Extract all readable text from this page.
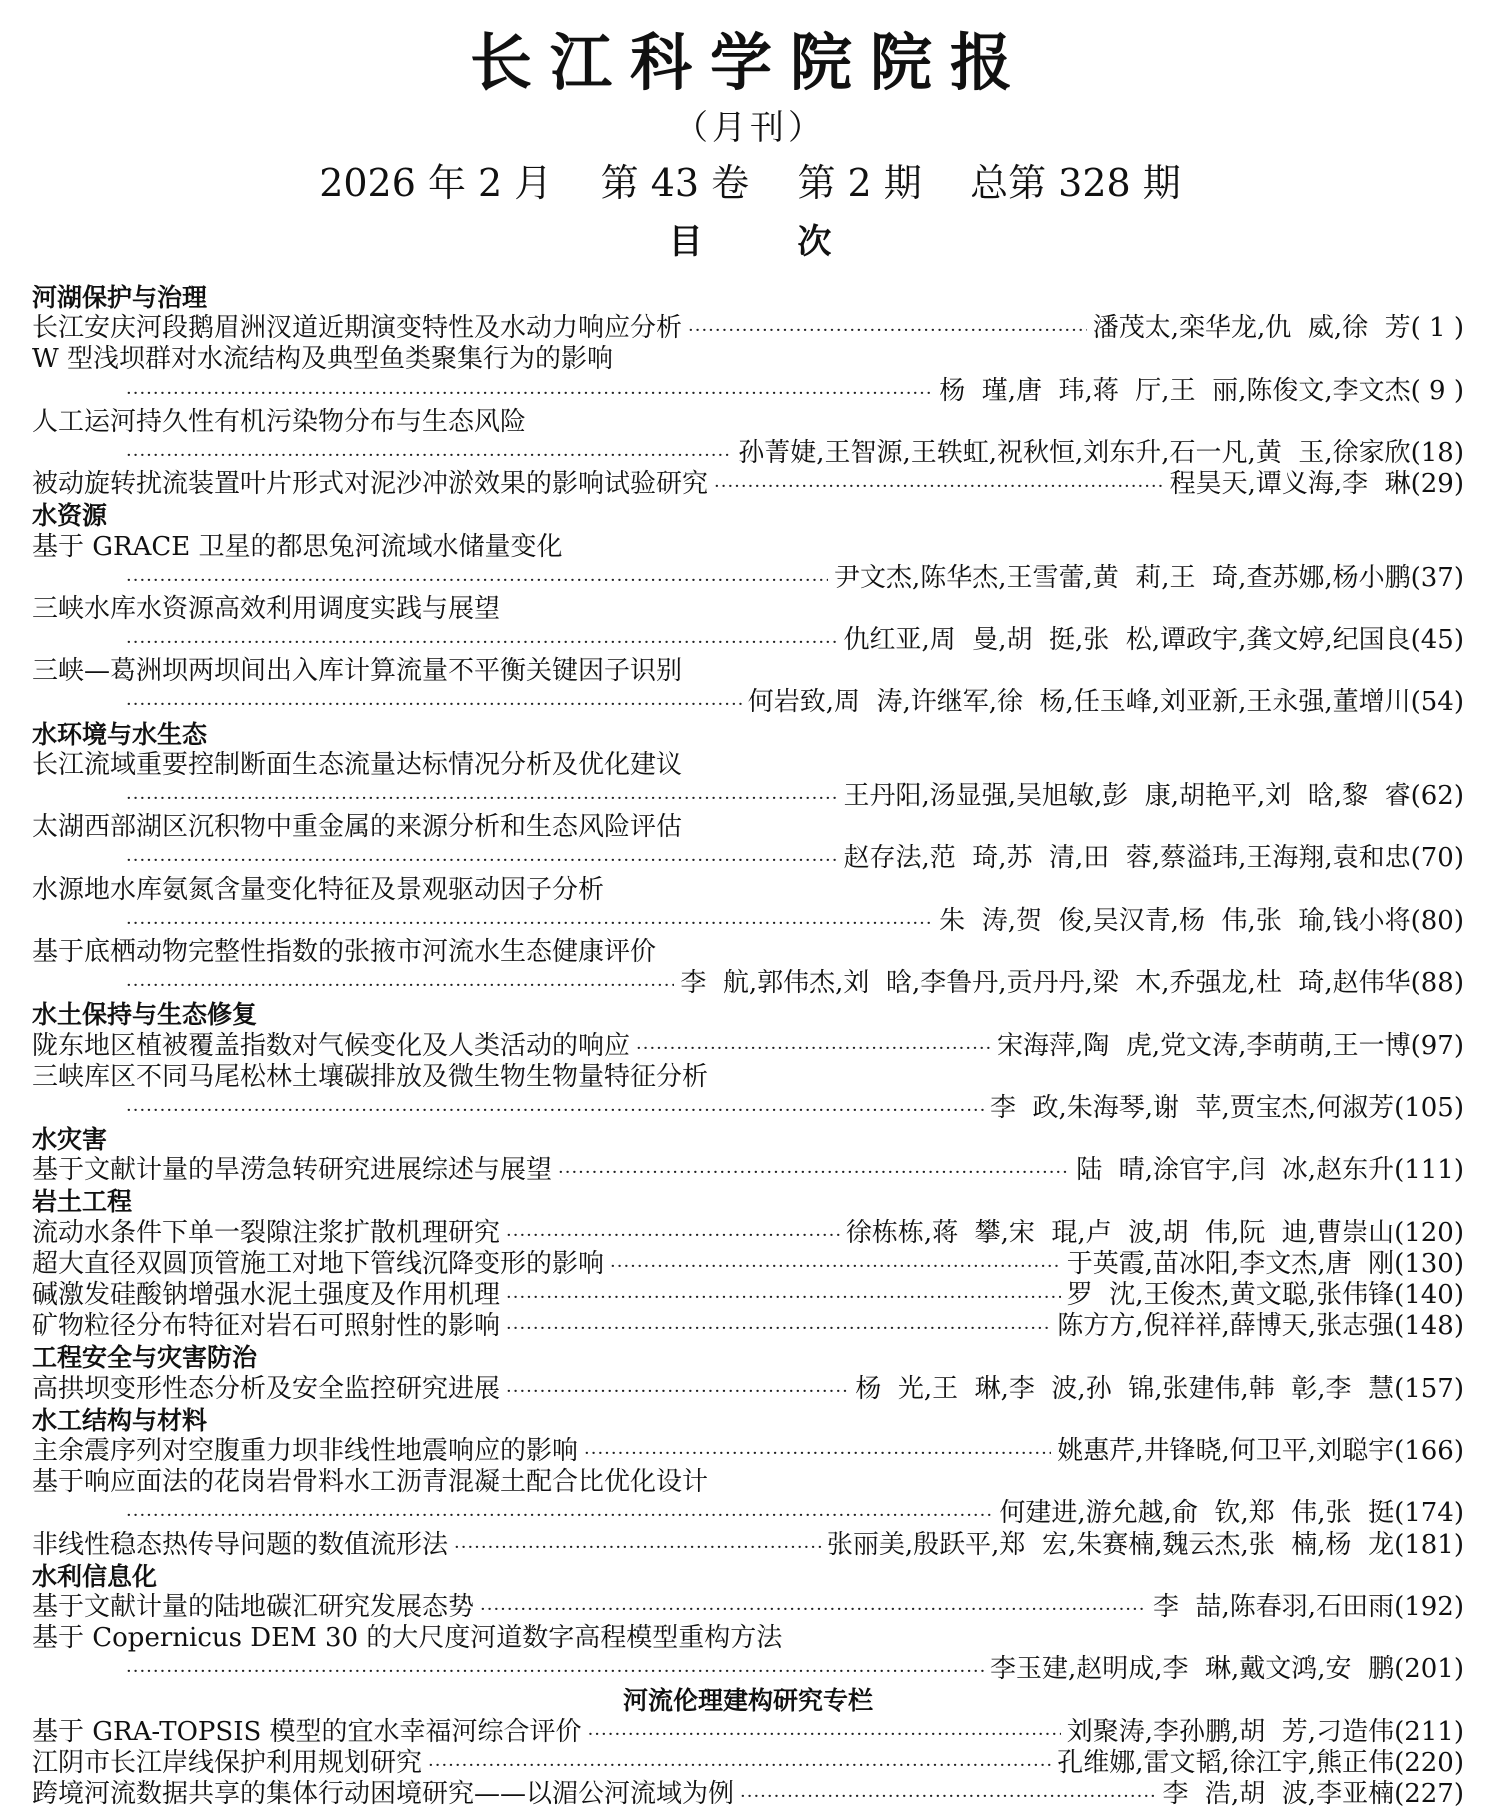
长江科学院院报
（月刊）
2026 年 2 月    第 43 卷    第 2 期    总第 328 期
目        次
河湖保护与治理
长江安庆河段鹅眉洲汊道近期演变特性及水动力响应分析 ·····	潘茂太,栾华龙,仇  威,徐  芳 ( 1 )
W 型浅坝群对水流结构及典型鱼类聚集行为的影响
·····
杨  瑾,唐  玮,蒋  厅,王  丽,陈俊文,李文杰 ( 9 )
人工运河持久性有机污染物分布与生态风险
·····
孙菁婕,王智源,王轶虹,祝秋恒,刘东升,石一凡,黄  玉,徐家欣 (18)
被动旋转扰流装置叶片形式对泥沙冲淤效果的影响试验研究 ·····	程昊天,谭义海,李  琳 (29)
水资源
基于 GRACE 卫星的都思兔河流域水储量变化
·····
尹文杰,陈华杰,王雪蕾,黄  莉,王  琦,查苏娜,杨小鹏 (37)
三峡水库水资源高效利用调度实践与展望
·····
仇红亚,周  曼,胡  挺,张  松,谭政宇,龚文婷,纪国良 (45)
三峡—葛洲坝两坝间出入库计算流量不平衡关键因子识别
·····
何岩致,周  涛,许继军,徐  杨,任玉峰,刘亚新,王永强,董增川 (54)
水环境与水生态
长江流域重要控制断面生态流量达标情况分析及优化建议
·····
王丹阳,汤显强,吴旭敏,彭  康,胡艳平,刘  晗,黎  睿 (62)
太湖西部湖区沉积物中重金属的来源分析和生态风险评估
·····
赵存法,范  琦,苏  清,田  蓉,蔡溢玮,王海翔,袁和忠 (70)
水源地水库氨氮含量变化特征及景观驱动因子分析
·····
朱  涛,贺  俊,吴汉青,杨  伟,张  瑜,钱小将 (80)
基于底栖动物完整性指数的张掖市河流水生态健康评价
·····
李  航,郭伟杰,刘  晗,李鲁丹,贡丹丹,梁  木,乔强龙,杜  琦,赵伟华 (88)
水土保持与生态修复
陇东地区植被覆盖指数对气候变化及人类活动的响应 ·····	宋海萍,陶  虎,党文涛,李萌萌,王一博 (97)
三峡库区不同马尾松林土壤碳排放及微生物生物量特征分析
·····
李  政,朱海琴,谢  苹,贾宝杰,何淑芳 (105)
水灾害
基于文献计量的旱涝急转研究进展综述与展望 ·····	陆  晴,涂官宇,闫  冰,赵东升 (111)
岩土工程
流动水条件下单一裂隙注浆扩散机理研究 ·····	徐栋栋,蒋  攀,宋  琨,卢  波,胡  伟,阮  迪,曹崇山 (120)
超大直径双圆顶管施工对地下管线沉降变形的影响 ·····	于英霞,苗冰阳,李文杰,唐  刚 (130)
碱激发硅酸钠增强水泥土强度及作用机理 ·····	罗  沈,王俊杰,黄文聪,张伟锋 (140)
矿物粒径分布特征对岩石可照射性的影响 ·····	陈方方,倪祥祥,薛博天,张志强 (148)
工程安全与灾害防治
高拱坝变形性态分析及安全监控研究进展 ·····	杨  光,王  琳,李  波,孙  锦,张建伟,韩  彰,李  慧 (157)
水工结构与材料
主余震序列对空腹重力坝非线性地震响应的影响 ·····	姚惠芹,井锋晓,何卫平,刘聪宇 (166)
基于响应面法的花岗岩骨料水工沥青混凝土配合比优化设计
·····
何建进,游允越,俞  钦,郑  伟,张  挺 (174)
非线性稳态热传导问题的数值流形法 ·····	张丽美,殷跃平,郑  宏,朱赛楠,魏云杰,张  楠,杨  龙 (181)
水利信息化
基于文献计量的陆地碳汇研究发展态势 ·····	李  喆,陈春羽,石田雨 (192)
基于 Copernicus DEM 30 的大尺度河道数字高程模型重构方法
·····
李玉建,赵明成,李  琳,戴文鸿,安  鹏 (201)
河流伦理建构研究专栏
基于 GRA-TOPSIS 模型的宜水幸福河综合评价 ·····	刘聚涛,李孙鹏,胡  芳,刁造伟 (211)
江阴市长江岸线保护利用规划研究 ·····	孔维娜,雷文韬,徐江宇,熊正伟 (220)
跨境河流数据共享的集体行动困境研究——以湄公河流域为例 ·····	李  浩,胡  波,李亚楠 (227)
